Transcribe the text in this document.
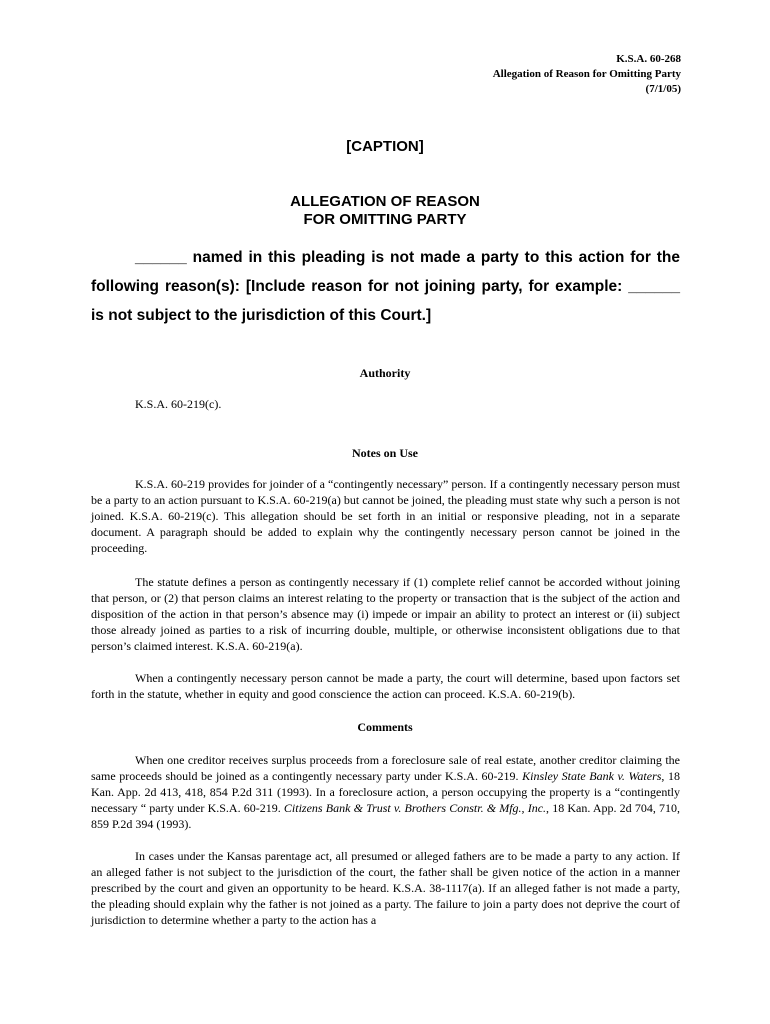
K.S.A. 60-268
Allegation of Reason for Omitting Party
(7/1/05)
[CAPTION]
ALLEGATION OF REASON
FOR OMITTING PARTY
______ named in this pleading is not made a party to this action for the following reason(s): [Include reason for not joining party, for example: ______ is not subject to the jurisdiction of this Court.]
Authority
K.S.A. 60-219(c).
Notes on Use
K.S.A. 60-219 provides for joinder of a “contingently necessary” person. If a contingently necessary person must be a party to an action pursuant to K.S.A. 60-219(a) but cannot be joined, the pleading must state why such a person is not joined. K.S.A. 60-219(c). This allegation should be set forth in an initial or responsive pleading, not in a separate document. A paragraph should be added to explain why the contingently necessary person cannot be joined in the proceeding.
The statute defines a person as contingently necessary if (1) complete relief cannot be accorded without joining that person, or (2) that person claims an interest relating to the property or transaction that is the subject of the action and disposition of the action in that person’s absence may (i) impede or impair an ability to protect an interest or (ii) subject those already joined as parties to a risk of incurring double, multiple, or otherwise inconsistent obligations due to that person’s claimed interest. K.S.A. 60-219(a).
When a contingently necessary person cannot be made a party, the court will determine, based upon factors set forth in the statute, whether in equity and good conscience the action can proceed. K.S.A. 60-219(b).
Comments
When one creditor receives surplus proceeds from a foreclosure sale of real estate, another creditor claiming the same proceeds should be joined as a contingently necessary party under K.S.A. 60-219. Kinsley State Bank v. Waters, 18 Kan. App. 2d 413, 418, 854 P.2d 311 (1993). In a foreclosure action, a person occupying the property is a “contingently necessary “ party under K.S.A. 60-219. Citizens Bank & Trust v. Brothers Constr. & Mfg., Inc., 18 Kan. App. 2d 704, 710, 859 P.2d 394 (1993).
In cases under the Kansas parentage act, all presumed or alleged fathers are to be made a party to any action. If an alleged father is not subject to the jurisdiction of the court, the father shall be given notice of the action in a manner prescribed by the court and given an opportunity to be heard. K.S.A. 38-1117(a). If an alleged father is not made a party, the pleading should explain why the father is not joined as a party. The failure to join a party does not deprive the court of jurisdiction to determine whether a party to the action has a
